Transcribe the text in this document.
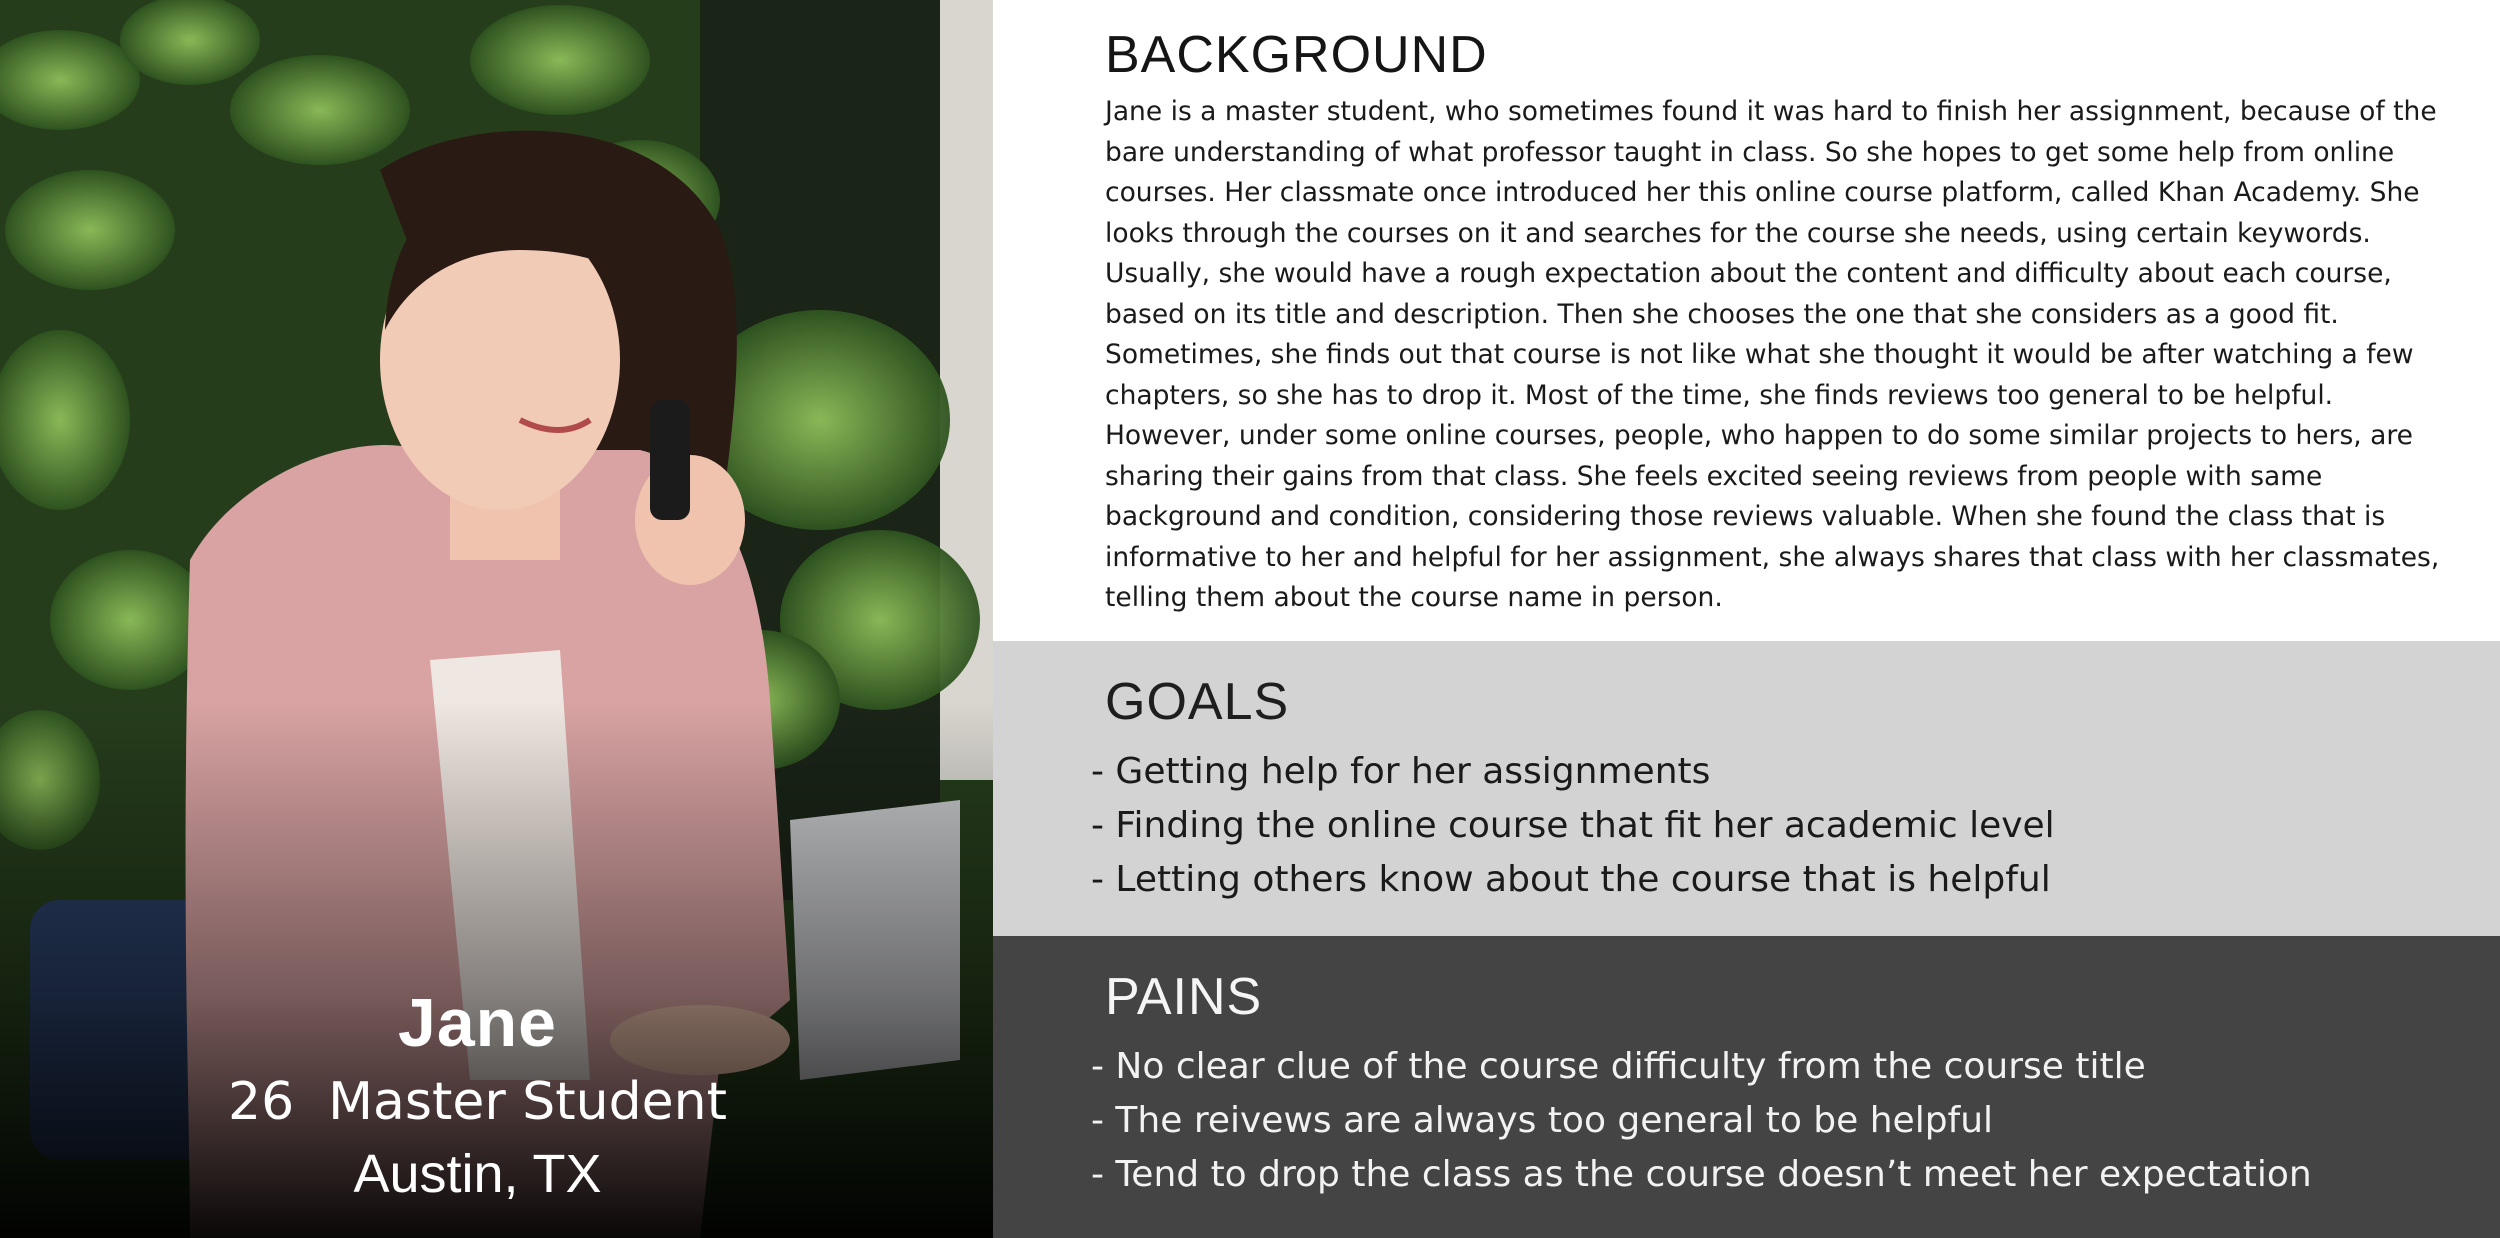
Jane
26 Master Student
Austin, TX
BACKGROUND

Jane is a master student, who sometimes found it was hard to finish her assignment, because of the bare understanding of what professor taught in class. So she hopes to get some help from online courses. Her classmate once introduced her this online course platform, called Khan Academy. She looks through the courses on it and searches for the course she needs, using certain keywords. Usually, she would have a rough expectation about the content and difficulty about each course, based on its title and description. Then she chooses the one that she considers as a good fit. Sometimes, she finds out that course is not like what she thought it would be after watching a few chapters, so she has to drop it. Most of the time, she finds reviews too general to be helpful. However, under some online courses, people, who happen to do some similar projects to hers, are sharing their gains from that class. She feels excited seeing reviews from people with same background and condition, considering those reviews valuable. When she found the class that is informative to her and helpful for her assignment, she always shares that class with her classmates, telling them about the course name in person.

GOALS
- Getting help for her assignments
- Finding the online course that fit her academic level
- Letting others know about the course that is helpful
PAINS
- No clear clue of the course difficulty from the course title
- The reivews are always too general to be helpful
- Tend to drop the class as the course doesn’t meet her expectation
